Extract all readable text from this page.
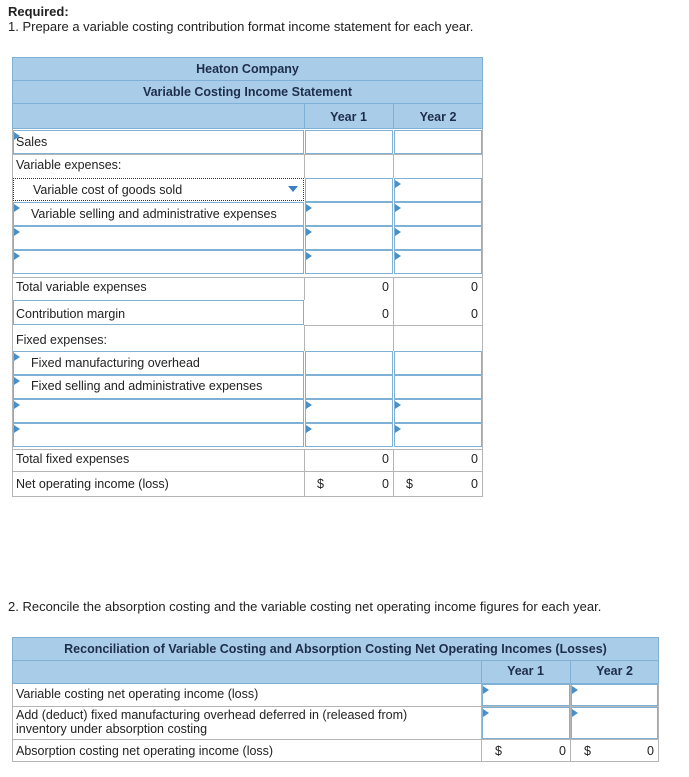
Required:
1. Prepare a variable costing contribution format income statement for each year.
Heaton Company
Variable Costing Income Statement
Year 1	Year 2
Sales
Variable expenses:
Variable cost of goods sold
Variable selling and administrative expenses
Total variable expenses	0	0
Contribution margin	0	0
Fixed expenses:
Fixed manufacturing overhead
Fixed selling and administrative expenses
Total fixed expenses	0	0
Net operating income (loss)	$	0 $	0
2. Reconcile the absorption costing and the variable costing net operating income figures for each year.
Reconciliation of Variable Costing and Absorption Costing Net Operating Incomes (Losses)
Year 1	Year 2
Variable costing net operating income (loss)
Add (deduct) fixed manufacturing overhead deferred in (released from) inventory under absorption costing
Absorption costing net operating income (loss)	$	0 $	0
